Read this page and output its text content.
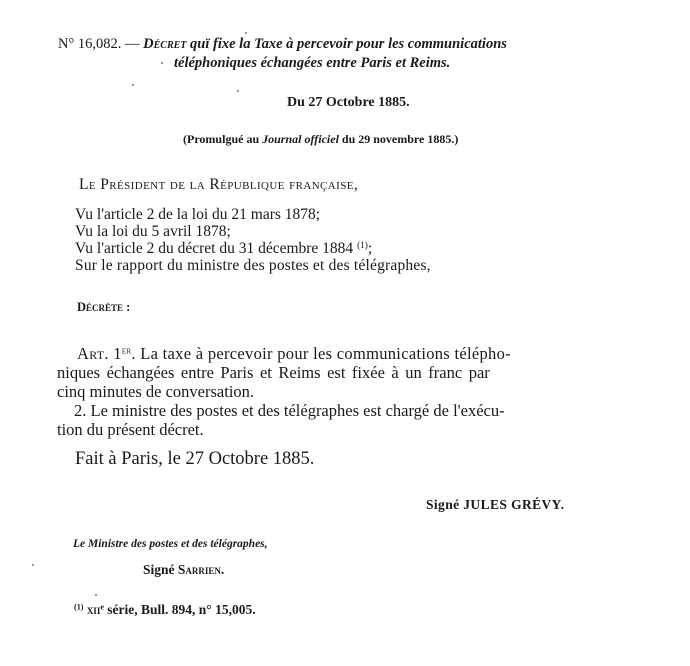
N° 16,082. — Décret quï fixe la Taxe à percevoir pour les communications
téléphoniques échangées entre Paris et Reims.
Du 27 Octobre 1885.
(Promulgué au Journal officiel du 29 novembre 1885.)
Le Président de la République française,
Vu l'article 2 de la loi du 21 mars 1878;
Vu la loi du 5 avril 1878;
Vu l'article 2 du décret du 31 décembre 1884 $^{(1)}$;
Sur le rapport du ministre des postes et des télégraphes,
Décrète :
Art. 1er. La taxe à percevoir pour les communications télépho-
niques échangées entre Paris et Reims est fixée à un franc par
cinq minutes de conversation.
2. Le ministre des postes et des télégraphes est chargé de l'exécu-
tion du présent décret.
Fait à Paris, le 27 Octobre 1885.
Signé JULES GRÉVY.
Le Ministre des postes et des télégraphes,
Signé Sarrien.
$^{(1)}$ xii$^e$ série, Bull. 894, n° 15,005.
